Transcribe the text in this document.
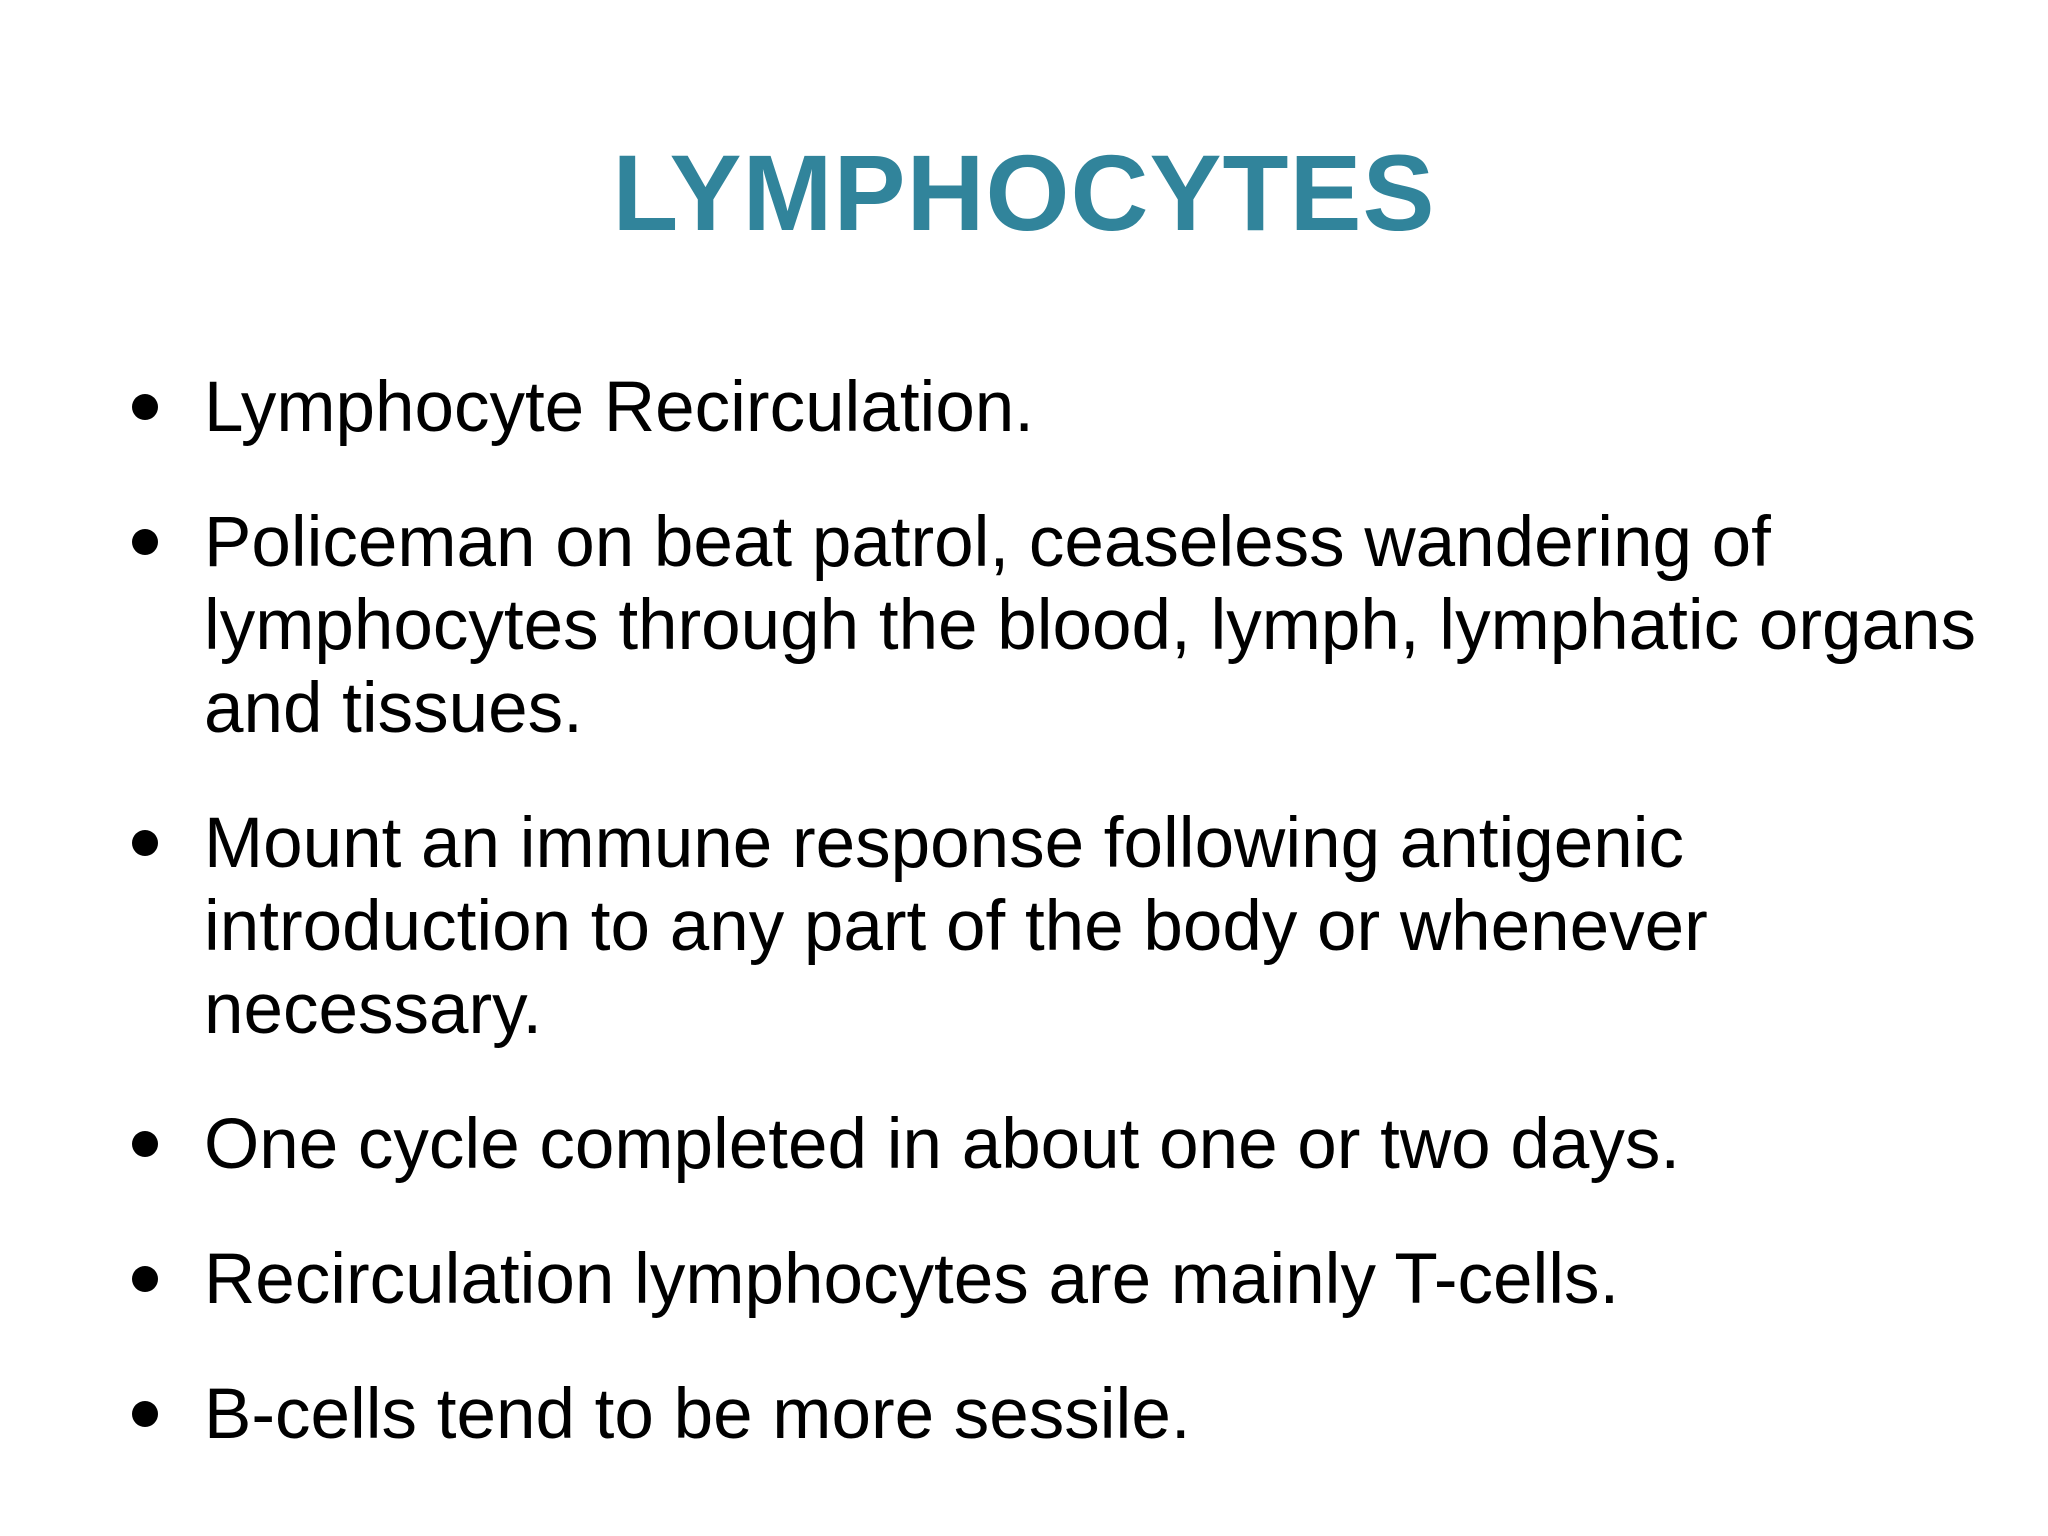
LYMPHOCYTES
Lymphocyte Recirculation.
Policeman on beat patrol, ceaseless wandering of lymphocytes through the blood, lymph, lymphatic organs and tissues.
Mount an immune response following antigenic introduction to any part of the body or whenever necessary.
One cycle completed in about one or two days.
Recirculation lymphocytes are mainly T-cells.
B-cells tend to be more sessile.
